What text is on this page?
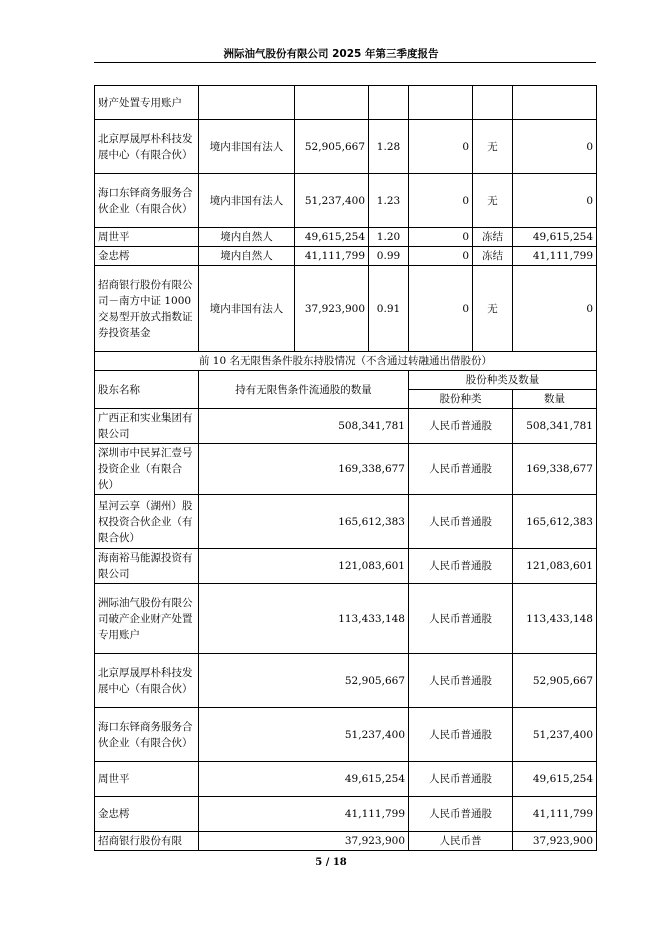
洲际油气股份有限公司 2025 年第三季度报告
财产处置专用账户						
北京厚晟厚朴科技发展中心（有限合伙）	境内非国有法人	52,905,667	1.28	0	无	0
海口东铎商务服务合伙企业（有限合伙）	境内非国有法人	51,237,400	1.23	0	无	0
周世平	境内自然人	49,615,254	1.20	0	冻结	49,615,254
金忠樗	境内自然人	41,111,799	0.99	0	冻结	41,111,799
招商银行股份有限公司－南方中证 1000 交易型开放式指数证券投资基金	境内非国有法人	37,923,900	0.91	0	无	0
前 10 名无限售条件股东持股情况（不含通过转融通出借股份）						
股东名称	持有无限售条件流通股的数量			股份种类及数量		
				股份种类		数量
广西正和实业集团有限公司	508,341,781			人民币普通股		508,341,781
深圳市中民昇汇壹号投资企业（有限合伙）	169,338,677			人民币普通股		169,338,677
星河云享（湖州）股权投资合伙企业（有限合伙）	165,612,383			人民币普通股		165,612,383
海南裕马能源投资有限公司	121,083,601			人民币普通股		121,083,601
洲际油气股份有限公司破产企业财产处置专用账户	113,433,148			人民币普通股		113,433,148
北京厚晟厚朴科技发展中心（有限合伙）	52,905,667			人民币普通股		52,905,667
海口东铎商务服务合伙企业（有限合伙）	51,237,400			人民币普通股		51,237,400
周世平	49,615,254			人民币普通股		49,615,254
金忠樗	41,111,799			人民币普通股		41,111,799
招商银行股份有限	37,923,900			人民币普		37,923,900
5 / 18
